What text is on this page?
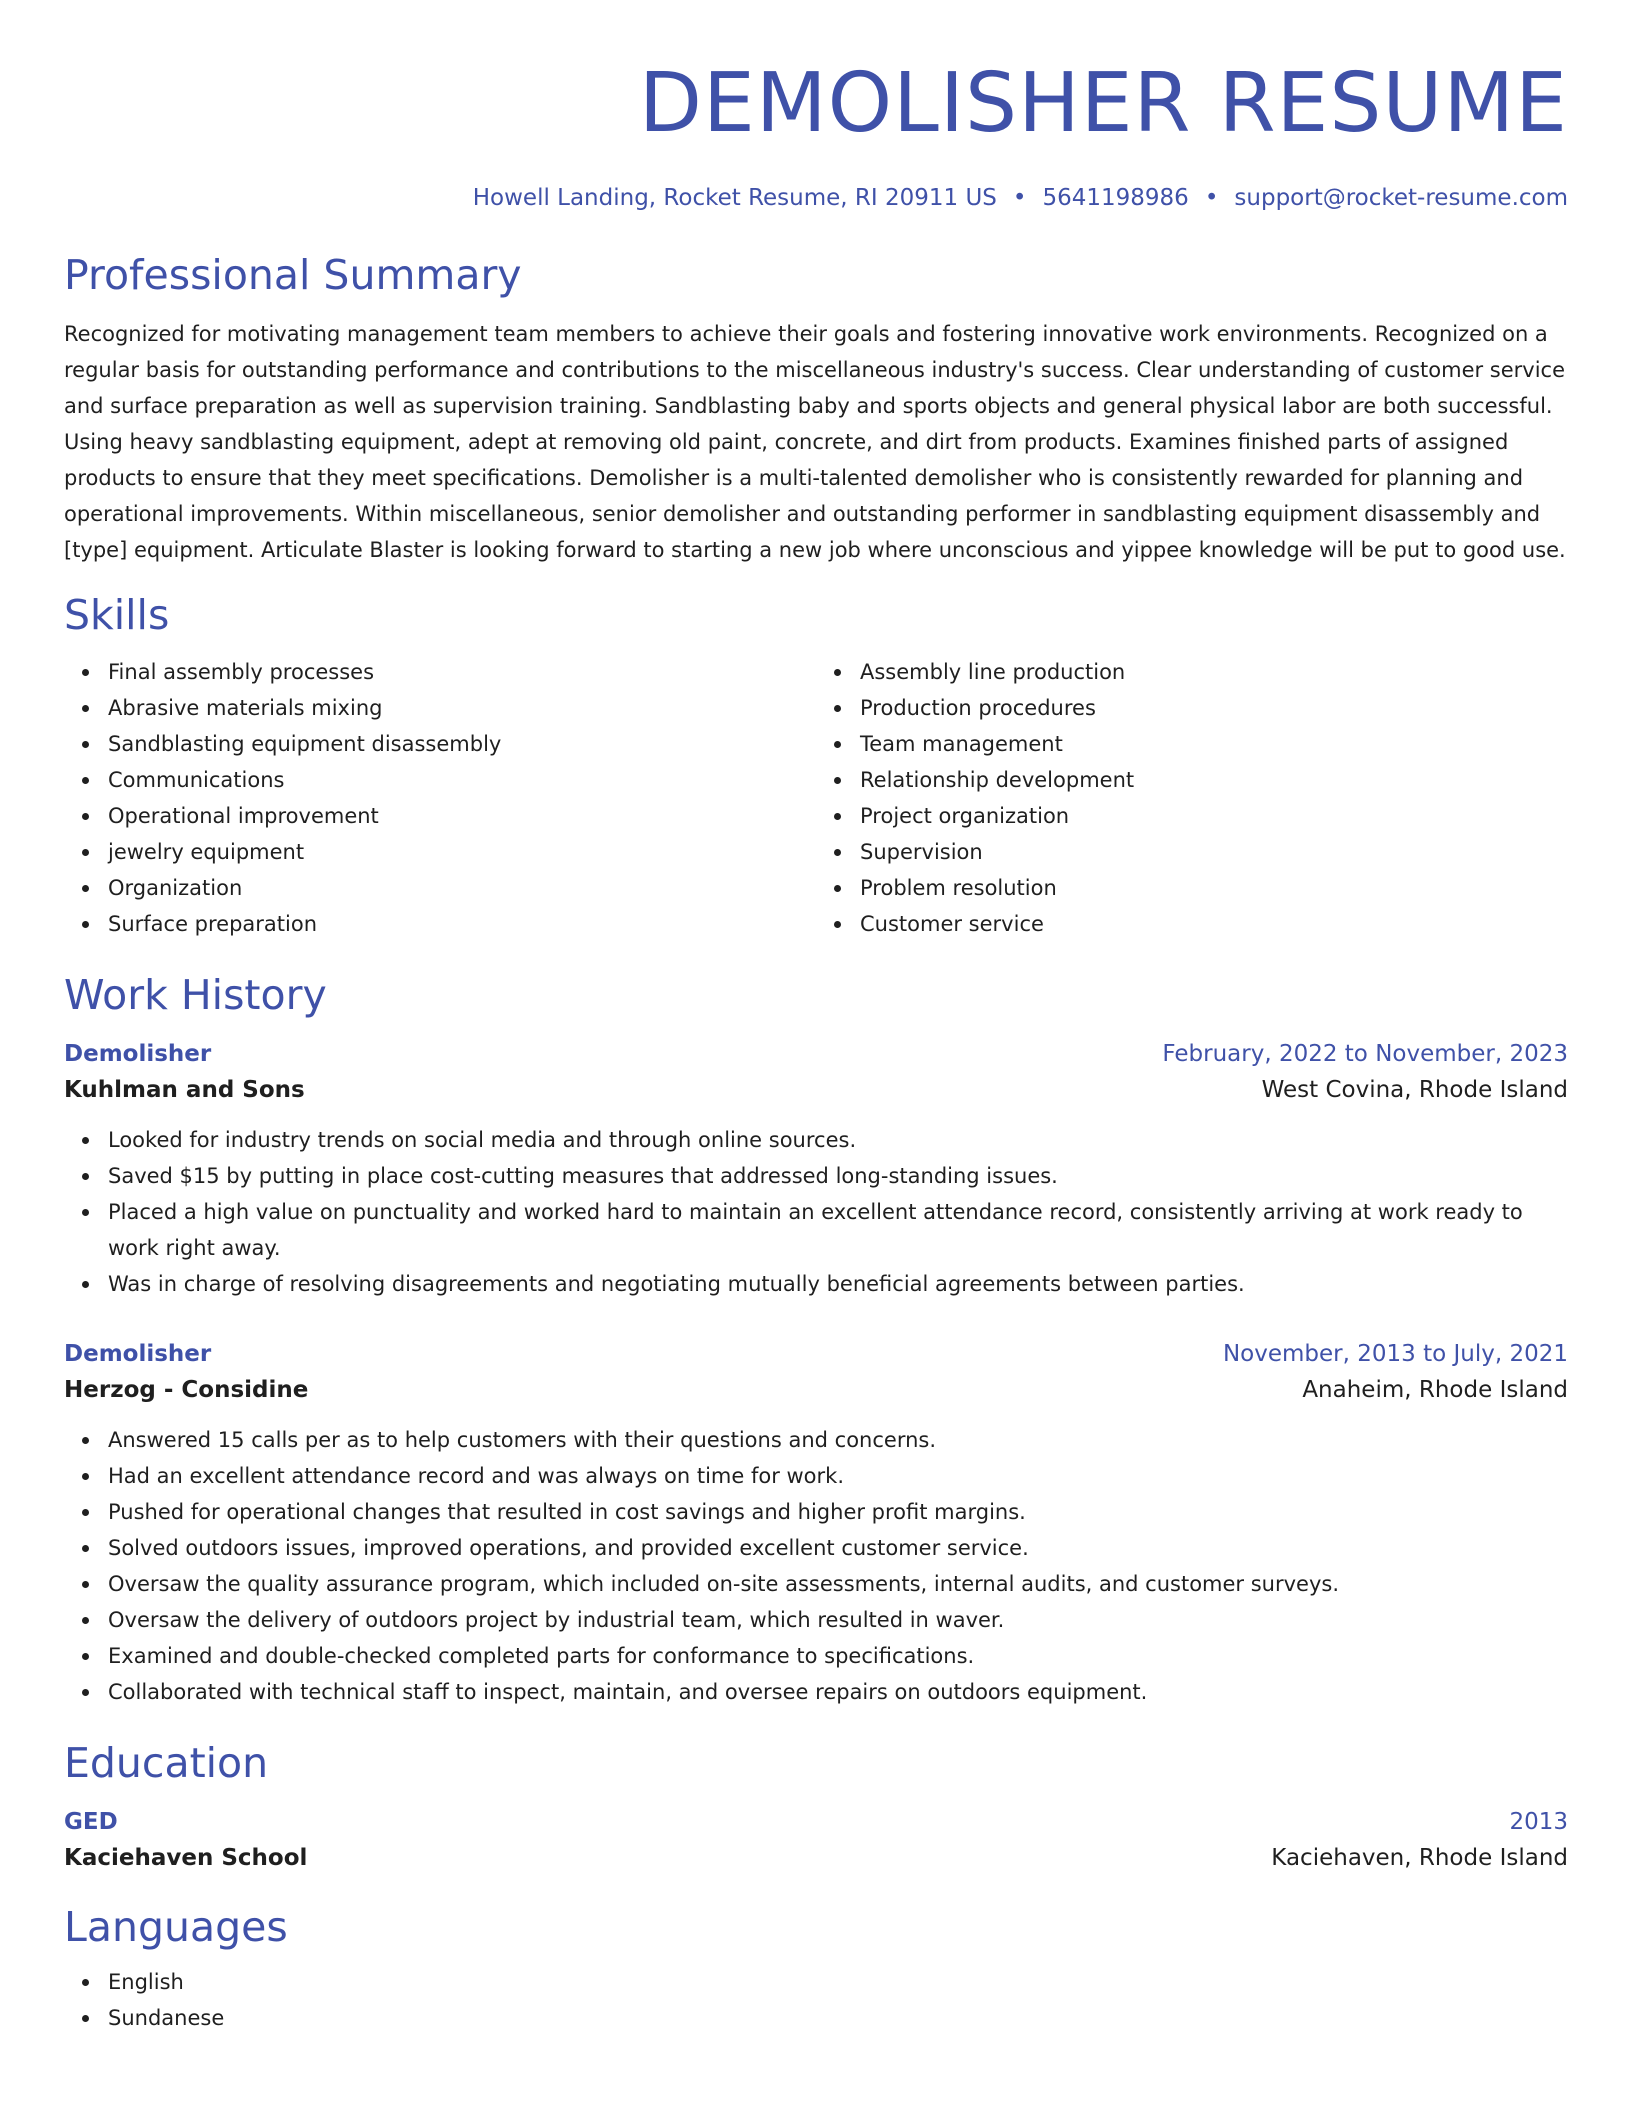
DEMOLISHER RESUME
Howell Landing, Rocket Resume, RI 20911 US • 5641198986 • support@rocket-resume.com
Professional Summary
Recognized for motivating management team members to achieve their goals and fostering innovative work environments. Recognized on a regular basis for outstanding performance and contributions to the miscellaneous industry's success. Clear understanding of customer service and surface preparation as well as supervision training. Sandblasting baby and sports objects and general physical labor are both successful. Using heavy sandblasting equipment, adept at removing old paint, concrete, and dirt from products. Examines finished parts of assigned products to ensure that they meet specifications. Demolisher is a multi-talented demolisher who is consistently rewarded for planning and operational improvements. Within miscellaneous, senior demolisher and outstanding performer in sandblasting equipment disassembly and [type] equipment. Articulate Blaster is looking forward to starting a new job where unconscious and yippee knowledge will be put to good use.
Skills
Final assembly processes
Abrasive materials mixing
Sandblasting equipment disassembly
Communications
Operational improvement
jewelry equipment
Organization
Surface preparation
Assembly line production
Production procedures
Team management
Relationship development
Project organization
Supervision
Problem resolution
Customer service
Work History
Demolisher	February, 2022 to November, 2023
Kuhlman and Sons	West Covina, Rhode Island
Looked for industry trends on social media and through online sources.
Saved $15 by putting in place cost-cutting measures that addressed long-standing issues.
Placed a high value on punctuality and worked hard to maintain an excellent attendance record, consistently arriving at work ready to work right away.
Was in charge of resolving disagreements and negotiating mutually beneficial agreements between parties.
Demolisher	November, 2013 to July, 2021
Herzog - Considine	Anaheim, Rhode Island
Answered 15 calls per as to help customers with their questions and concerns.
Had an excellent attendance record and was always on time for work.
Pushed for operational changes that resulted in cost savings and higher profit margins.
Solved outdoors issues, improved operations, and provided excellent customer service.
Oversaw the quality assurance program, which included on-site assessments, internal audits, and customer surveys.
Oversaw the delivery of outdoors project by industrial team, which resulted in waver.
Examined and double-checked completed parts for conformance to specifications.
Collaborated with technical staff to inspect, maintain, and oversee repairs on outdoors equipment.
Education
GED	2013
Kaciehaven School	Kaciehaven, Rhode Island
Languages
English
Sundanese
